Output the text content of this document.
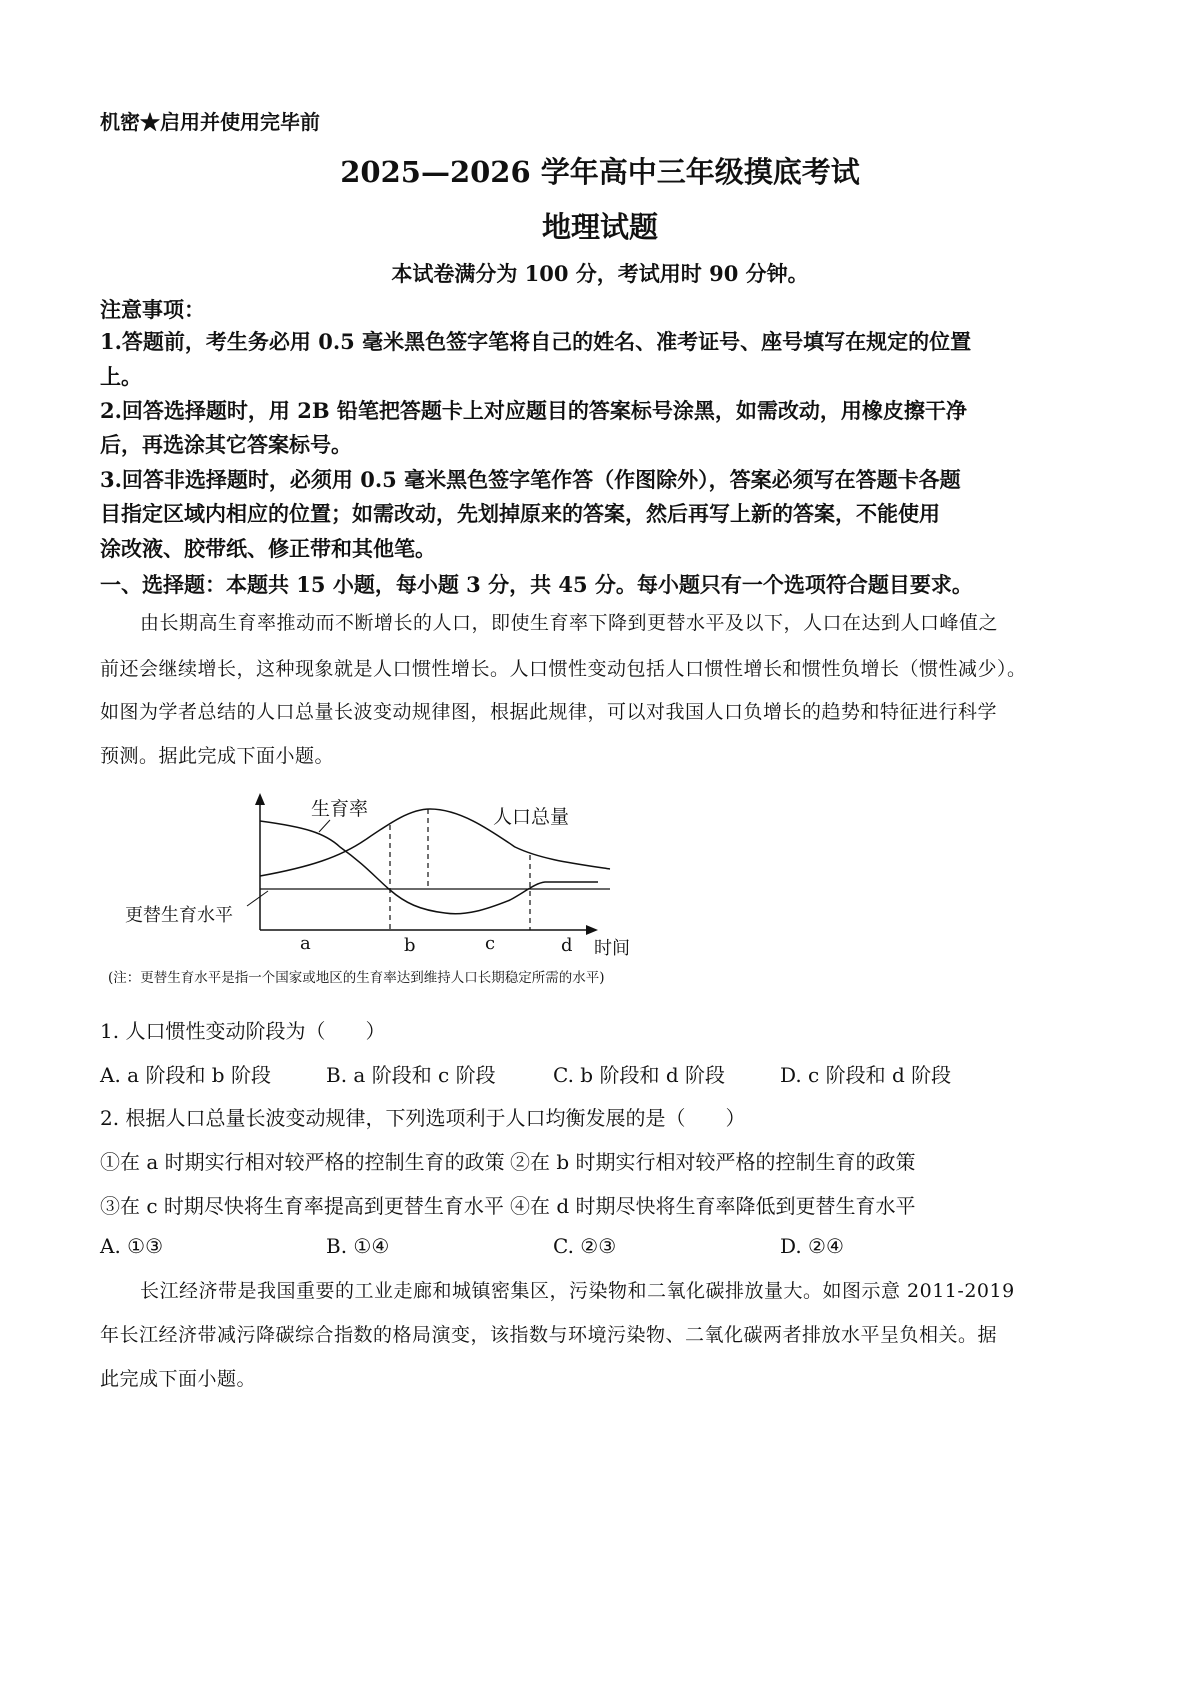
机密★启用并使用完毕前
2025—2026 学年高中三年级摸底考试
地理试题
本试卷满分为 100 分，考试用时 90 分钟。
注意事项：
1.答题前，考生务必用 0.5 毫米黑色签字笔将自己的姓名、准考证号、座号填写在规定的位置
上。
2.回答选择题时，用 2B 铅笔把答题卡上对应题目的答案标号涂黑，如需改动，用橡皮擦干净
后，再选涂其它答案标号。
3.回答非选择题时，必须用 0.5 毫米黑色签字笔作答（作图除外），答案必须写在答题卡各题
目指定区域内相应的位置；如需改动，先划掉原来的答案，然后再写上新的答案，不能使用
涂改液、胶带纸、修正带和其他笔。
一、选择题：本题共 15 小题，每小题 3 分，共 45 分。每小题只有一个选项符合题目要求。
由长期高生育率推动而不断增长的人口，即使生育率下降到更替水平及以下，人口在达到人口峰值之
前还会继续增长，这种现象就是人口惯性增长。人口惯性变动包括人口惯性增长和惯性负增长（惯性减少）。
如图为学者总结的人口总量长波变动规律图，根据此规律，可以对我国人口负增长的趋势和特征进行科学
预测。据此完成下面小题。
生育率	人口总量
更替生育水平
a	b	c	d 时间
(注：更替生育水平是指一个国家或地区的生育率达到维持人口长期稳定所需的水平)
1. 人口惯性变动阶段为（　　）
A. a 阶段和 b 阶段	B. a 阶段和 c 阶段	C. b 阶段和 d 阶段	D. c 阶段和 d 阶段
2. 根据人口总量长波变动规律，下列选项利于人口均衡发展的是（　　）
①在 a 时期实行相对较严格的控制生育的政策 ②在 b 时期实行相对较严格的控制生育的政策
③在 c 时期尽快将生育率提高到更替生育水平 ④在 d 时期尽快将生育率降低到更替生育水平
A. ①③	B. ①④	C. ②③	D. ②④
长江经济带是我国重要的工业走廊和城镇密集区，污染物和二氧化碳排放量大。如图示意 2011-2019
年长江经济带减污降碳综合指数的格局演变，该指数与环境污染物、二氧化碳两者排放水平呈负相关。据
此完成下面小题。
